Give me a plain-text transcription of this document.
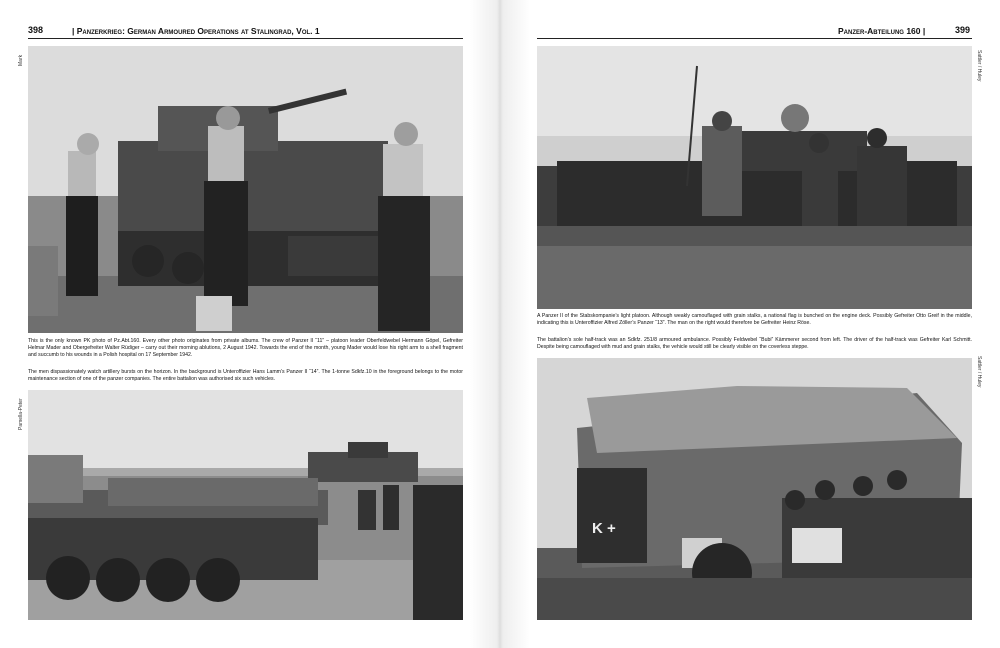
398	| Panzerkrieg: German Armoured Operations at Stalingrad, Vol. 1
Mark
Pamella-Peter
This is the only known PK photo of Pz.Abt.160. Every other photo originates from private albums. The crew of Panzer II “11” – platoon leader Oberfeldwebel Hermann Göpel, Gefreiter Helmar Mader and Obergefreiter Walter Rüdiger – carry out their morning ablutions, 2 August 1942. Towards the end of the month, young Mader would lose his right arm to a shell fragment and succumb to his wounds in a Polish hospital on 17 September 1942.
The men dispassionately watch artillery bursts on the horizon. In the background is Unteroffizier Hans Lamm’s Panzer II “14”. The 1-tonne Sdkfz.10 in the foreground belongs to the motor maintenance section of one of the panzer companies. The entire battalion was authorised six such vehicles.
Panzer-Abteilung 160 |	399
Sattler / Huley
Sattler / Huley
A Panzer II of the Stabskompanie’s light platoon. Although weakly camouflaged with grain stalks, a national flag is bunched on the engine deck. Possibly Gefreiter Otto Greif in the middle, indicating this is Unteroffizier Alfred Zöller’s Panzer “13”. The man on the right would therefore be Gefreiter Heinz Röse.
The battalion’s sole half-track was an Sdkfz. 251/8 armoured ambulance. Possibly Feldwebel “Bubi” Kämmerer second from left. The driver of the half-track was Gefreiter Karl Schmitt. Despite being camouflaged with mud and grain stalks, the vehicle would still be clearly visible on the coverless steppe.
K +
